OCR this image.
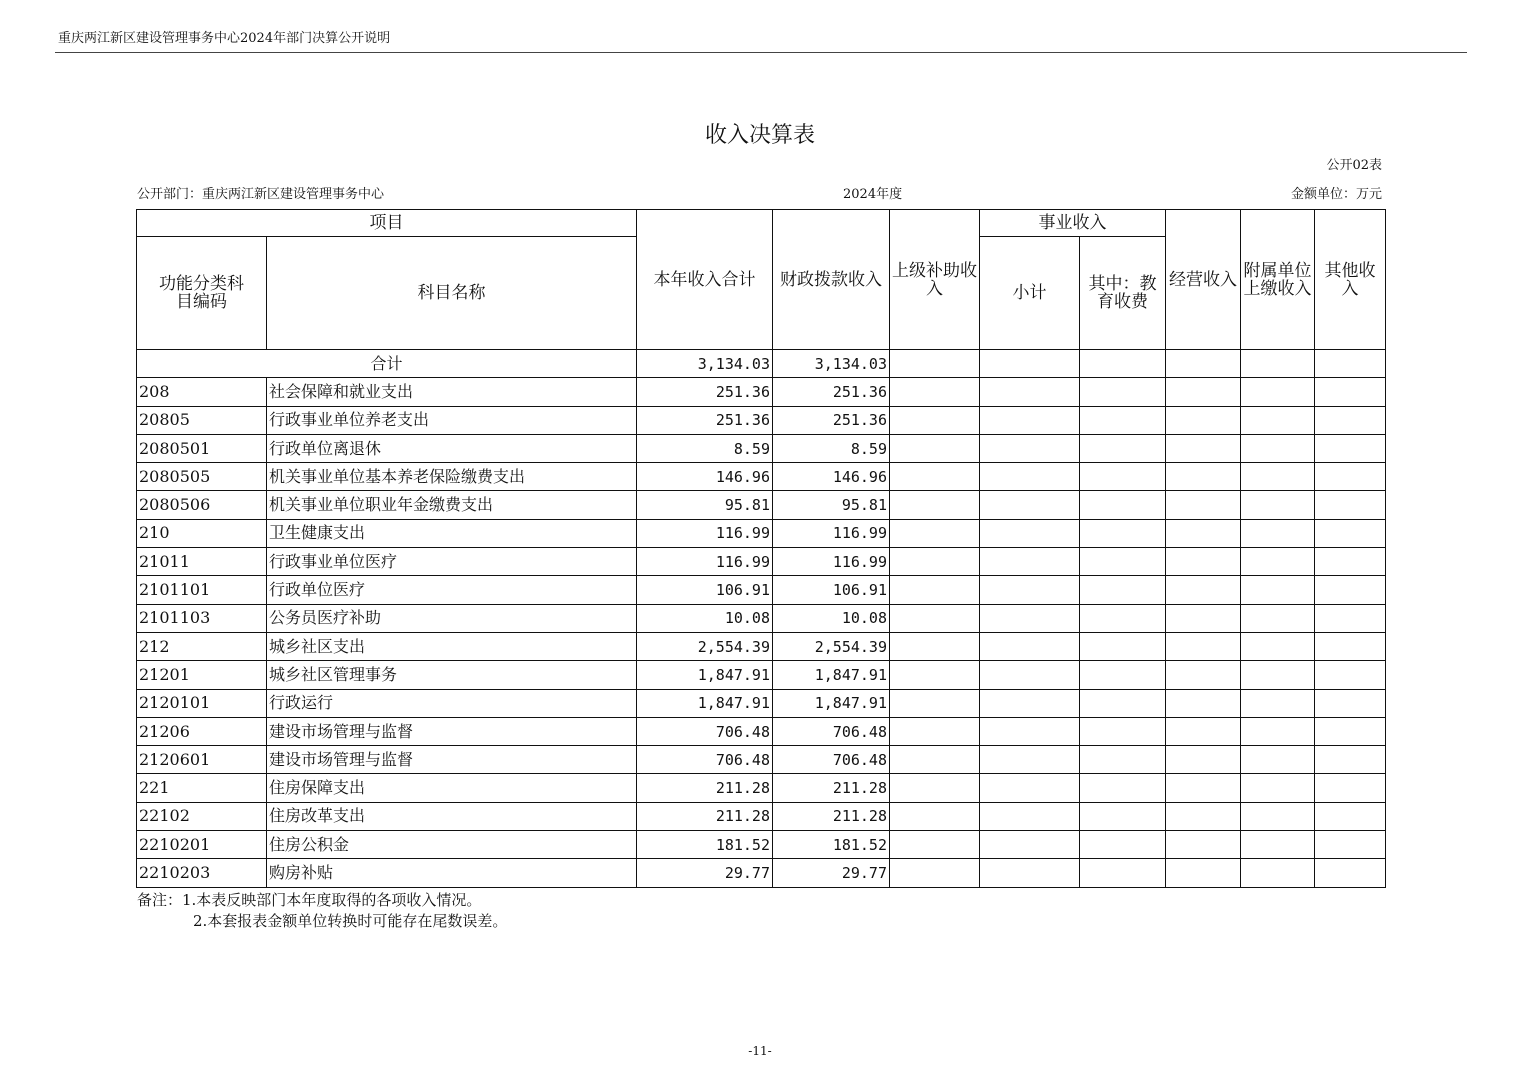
重庆两江新区建设管理事务中心2024年部门决算公开说明
收入决算表
公开02表
公开部门：重庆两江新区建设管理事务中心	2024年度	金额单位：万元
项目		本年收入合计	财政拨款收入	上级补助收入	事业收入		经营收入	附属单位上缴收入	其他收入
功能分类科目编码	科目名称				小计	其中：教育收费			
合计		3,134.03	3,134.03						
208	社会保障和就业支出	251.36	251.36						
20805	行政事业单位养老支出	251.36	251.36						
2080501	行政单位离退休	8.59	8.59						
2080505	机关事业单位基本养老保险缴费支出	146.96	146.96						
2080506	机关事业单位职业年金缴费支出	95.81	95.81						
210	卫生健康支出	116.99	116.99						
21011	行政事业单位医疗	116.99	116.99						
2101101	行政单位医疗	106.91	106.91						
2101103	公务员医疗补助	10.08	10.08						
212	城乡社区支出	2,554.39	2,554.39						
21201	城乡社区管理事务	1,847.91	1,847.91						
2120101	行政运行	1,847.91	1,847.91						
21206	建设市场管理与监督	706.48	706.48						
2120601	建设市场管理与监督	706.48	706.48						
221	住房保障支出	211.28	211.28						
22102	住房改革支出	211.28	211.28						
2210201	住房公积金	181.52	181.52						
2210203	购房补贴	29.77	29.77						
备注：1.本表反映部门本年度取得的各项收入情况。
2.本套报表金额单位转换时可能存在尾数误差。
-11-
